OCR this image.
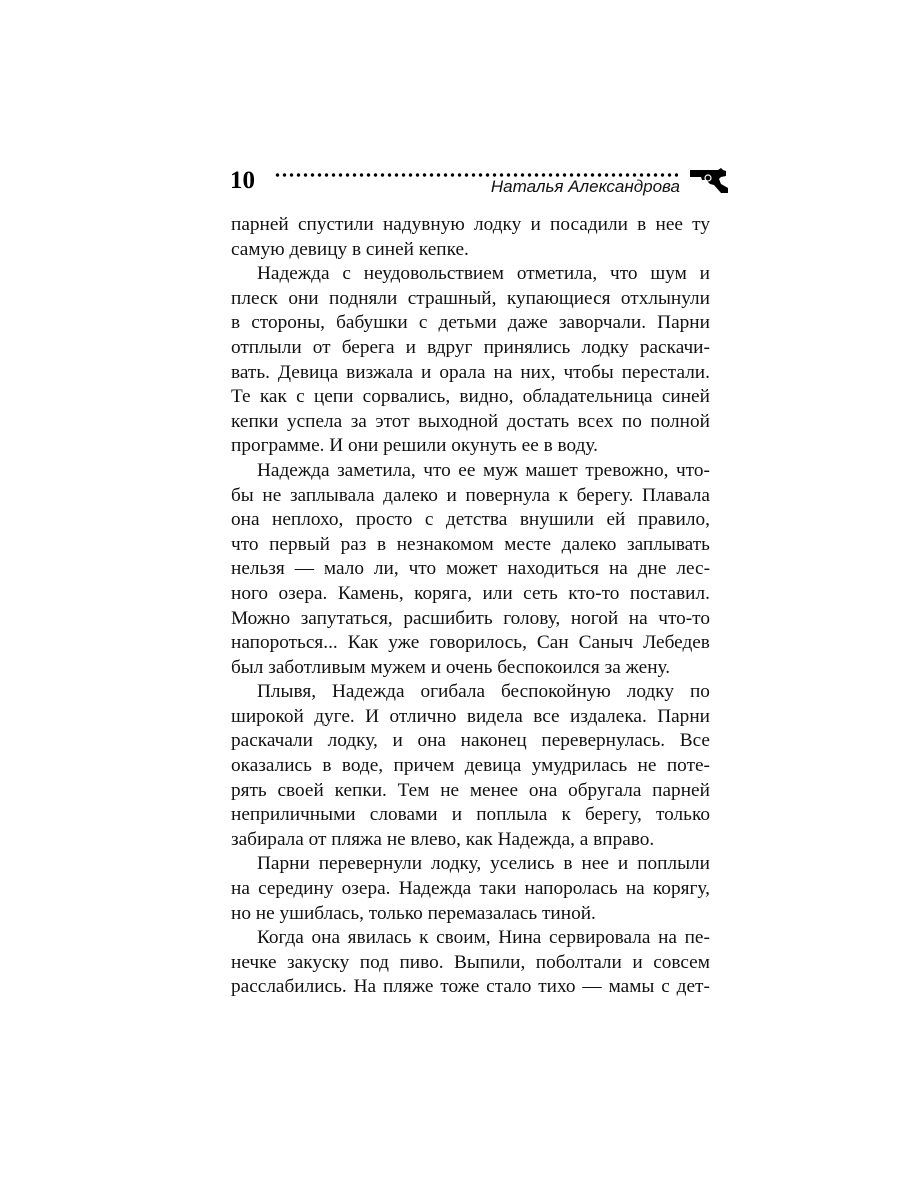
10	Наталья Александрова
парней спустили надувную лодку и посадили в нее ту
самую девицу в синей кепке.
Надежда с неудовольствием отметила, что шум и
плеск они подняли страшный, купающиеся отхлынули
в стороны, бабушки с детьми даже заворчали. Парни
отплыли от берега и вдруг принялись лодку раскачи-
вать. Девица визжала и орала на них, чтобы перестали.
Те как с цепи сорвались, видно, обладательница синей
кепки успела за этот выходной достать всех по полной
программе. И они решили окунуть ее в воду.
Надежда заметила, что ее муж машет тревожно, что-
бы не заплывала далеко и повернула к берегу. Плавала
она неплохо, просто с детства внушили ей правило,
что первый раз в незнакомом месте далеко заплывать
нельзя — мало ли, что может находиться на дне лес-
ного озера. Камень, коряга, или сеть кто-то поставил.
Можно запутаться, расшибить голову, ногой на что-то
напороться... Как уже говорилось, Сан Саныч Лебедев
был заботливым мужем и очень беспокоился за жену.
Плывя, Надежда огибала беспокойную лодку по
широкой дуге. И отлично видела все издалека. Парни
раскачали лодку, и она наконец перевернулась. Все
оказались в воде, причем девица умудрилась не поте-
рять своей кепки. Тем не менее она обругала парней
неприличными словами и поплыла к берегу, только
забирала от пляжа не влево, как Надежда, а вправо.
Парни перевернули лодку, уселись в нее и поплыли
на середину озера. Надежда таки напоролась на корягу,
но не ушиблась, только перемазалась тиной.
Когда она явилась к своим, Нина сервировала на пе-
нечке закуску под пиво. Выпили, поболтали и совсем
расслабились. На пляже тоже стало тихо — мамы с дет-
